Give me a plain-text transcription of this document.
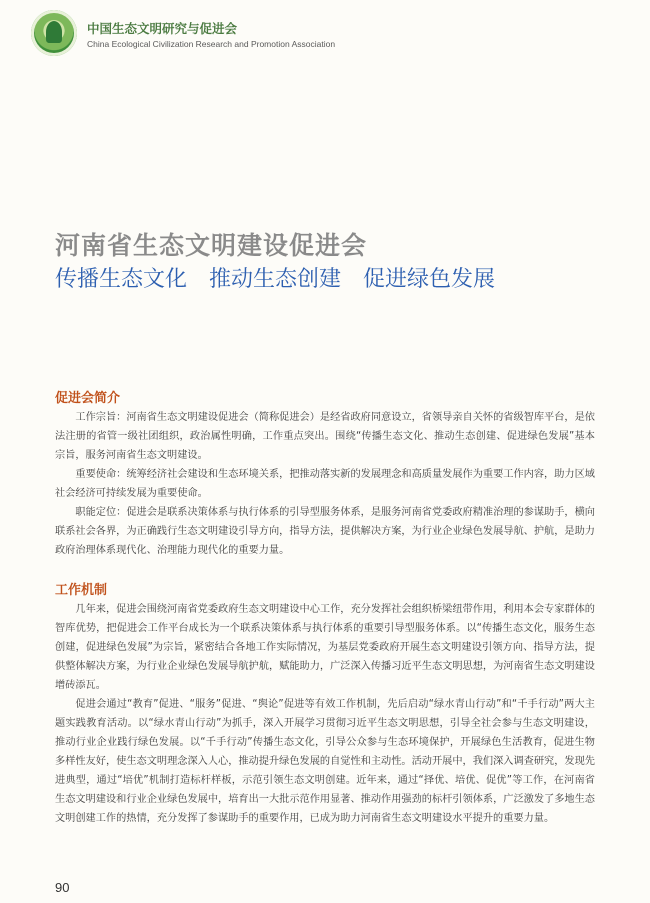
中国生态文明研究与促进会
China Ecological Civilization Research and Promotion Association
河南省生态文明建设促进会
传播生态文化　推动生态创建　促进绿色发展
促进会简介

工作宗旨：河南省生态文明建设促进会（简称促进会）是经省政府同意设立，省领导亲自关怀的省级智库平台，是依法注册的省管一级社团组织，政治属性明确，工作重点突出。围绕“传播生态文化、推动生态创建、促进绿色发展”基本宗旨，服务河南省生态文明建设。

重要使命：统筹经济社会建设和生态环境关系，把推动落实新的发展理念和高质量发展作为重要工作内容，助力区域社会经济可持续发展为重要使命。

职能定位：促进会是联系决策体系与执行体系的引导型服务体系，是服务河南省党委政府精准治理的参谋助手，横向联系社会各界，为正确践行生态文明建设引导方向，指导方法，提供解决方案，为行业企业绿色发展导航、护航，是助力政府治理体系现代化、治理能力现代化的重要力量。

工作机制

几年来，促进会围绕河南省党委政府生态文明建设中心工作，充分发挥社会组织桥梁纽带作用，利用本会专家群体的智库优势，把促进会工作平台成长为一个联系决策体系与执行体系的重要引导型服务体系。以“传播生态文化，服务生态创建，促进绿色发展”为宗旨，紧密结合各地工作实际情况，为基层党委政府开展生态文明建设引领方向、指导方法，提供整体解决方案，为行业企业绿色发展导航护航，赋能助力，广泛深入传播习近平生态文明思想，为河南省生态文明建设增砖添瓦。

促进会通过“教育”促进、“服务”促进、“舆论”促进等有效工作机制，先后启动“绿水青山行动”和“千手行动”两大主题实践教育活动。以“绿水青山行动”为抓手，深入开展学习贯彻习近平生态文明思想，引导全社会参与生态文明建设，推动行业企业践行绿色发展。以“千手行动”传播生态文化，引导公众参与生态环境保护，开展绿色生活教育，促进生物多样性友好，使生态文明理念深入人心，推动提升绿色发展的自觉性和主动性。活动开展中，我们深入调查研究，发现先进典型，通过“培优”机制打造标杆样板，示范引领生态文明创建。近年来，通过“择优、培优、促优”等工作，在河南省生态文明建设和行业企业绿色发展中，培育出一大批示范作用显著、推动作用强劲的标杆引领体系，广泛激发了多地生态文明创建工作的热情，充分发挥了参谋助手的重要作用，已成为助力河南省生态文明建设水平提升的重要力量。

90
